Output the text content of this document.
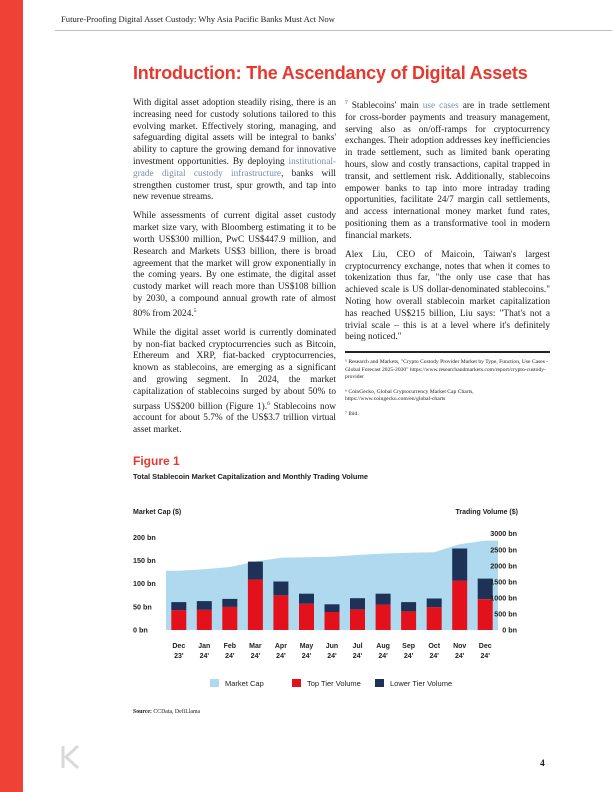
Future-Proofing Digital Asset Custody: Why Asia Pacific Banks Must Act Now
Introduction: The Ascendancy of Digital Assets

With digital asset adoption steadily rising, there is an increasing need for custody solutions tailored to this evolving market. Effectively storing, managing, and safeguarding digital assets will be integral to banks' ability to capture the growing demand for innovative investment opportunities. By deploying institutional-grade digital custody infrastructure, banks will strengthen customer trust, spur growth, and tap into new revenue streams.

While assessments of current digital asset custody market size vary, with Bloomberg estimating it to be worth US$300 million, PwC US$447.9 million, and Research and Markets US$3 billion, there is broad agreement that the market will grow exponentially in the coming years. By one estimate, the digital asset custody market will reach more than US$108 billion by 2030, a compound annual growth rate of almost 80% from 2024.$^5$

While the digital asset world is currently dominated by non-fiat backed cryptocurrencies such as Bitcoin, Ethereum and XRP, fiat-backed cryptocurrencies, known as stablecoins, are emerging as a significant and growing segment. In 2024, the market capitalization of stablecoins surged by about 50% to surpass US$200 billion (Figure 1).$^6$ Stablecoins now account for about 5.7% of the US$3.7 trillion virtual asset market.

$^7$ Stablecoins' main use cases are in trade settlement for cross-border payments and treasury management, serving also as on/off-ramps for cryptocurrency exchanges. Their adoption addresses key inefficiencies in trade settlement, such as limited bank operating hours, slow and costly transactions, capital trapped in transit, and settlement risk. Additionally, stablecoins empower banks to tap into more intraday trading opportunities, facilitate 24/7 margin call settlements, and access international money market fund rates, positioning them as a transformative tool in modern financial markets.

Alex Liu, CEO of Maicoin, Taiwan's largest cryptocurrency exchange, notes that when it comes to tokenization thus far, "the only use case that has achieved scale is US dollar-denominated stablecoins." Noting how overall stablecoin market capitalization has reached US$215 billion, Liu says: "That's not a trivial scale – this is at a level where it's definitely being noticed."

⁵ Research and Markets, "Crypto Custody Provider Market by Type, Function, Use Cases - Global Forecast 2025-2030" https://www.researchandmarkets.com/report/crypto-custody-provider

⁶ CoinGecko, Global Cryptocurrency Market Cap Charts, https://www.coingecko.com/en/global-charts

⁷ Ibid.

Figure 1
Total Stablecoin Market Capitalization and Monthly Trading Volume
Market Cap ($)	Trading Volume ($)
200 bn
150 bn
100 bn
50 bn
0 bn
3000 bn
2500 bn
2000 bn
1500 bn
1000 bn
500 bn
0 bn
Dec
23'
Jan
24'
Feb
24'
Mar
24'
Apr
24'
May
24'
Jun
24'
Jul
24'
Aug
24'
Sep
24'
Oct
24'
Nov
24'
Dec
24'
Market Cap	Top Tier Volume	Lower Tier Volume
Source: CCData, DefiLlama
4
